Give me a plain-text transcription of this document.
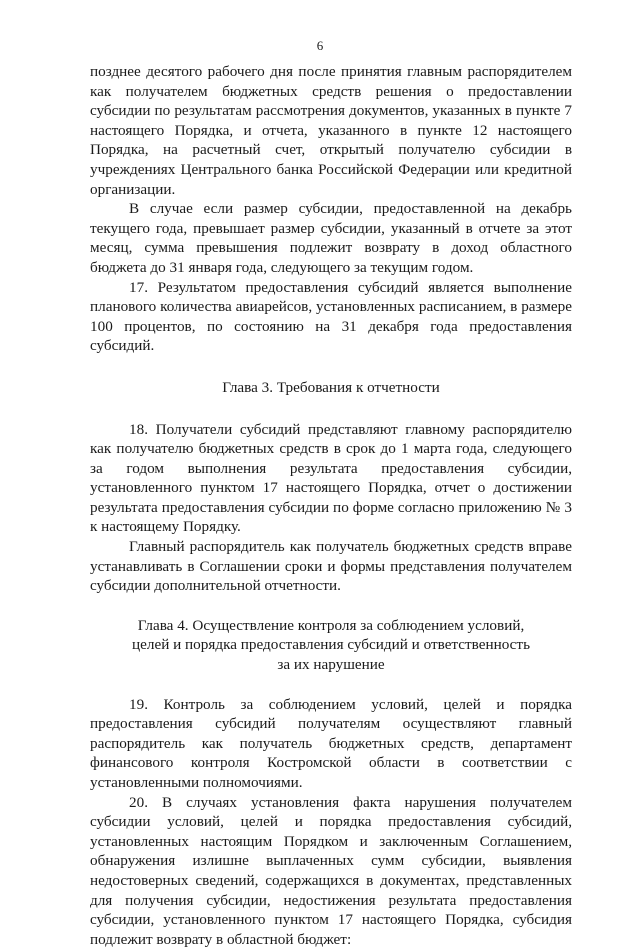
6

позднее десятого рабочего дня после принятия главным распорядителем как получателем бюджетных средств решения о предоставлении субсидии по результатам рассмотрения документов, указанных в пункте 7 настоящего Порядка, и отчета, указанного в пункте 12 настоящего Порядка, на расчетный счет, открытый получателю субсидии в учреждениях Центрального банка Российской Федерации или кредитной организации.

В случае если размер субсидии, предоставленной на декабрь текущего года, превышает размер субсидии, указанный в отчете за этот месяц, сумма превышения подлежит возврату в доход областного бюджета до 31 января года, следующего за текущим годом.

17. Результатом предоставления субсидий является выполнение планового количества авиарейсов, установленных расписанием, в размере 100 процентов, по состоянию на 31 декабря года предоставления субсидий.

Глава 3. Требования к отчетности

18. Получатели субсидий представляют главному распорядителю как получателю бюджетных средств в срок до 1 марта года, следующего за годом выполнения результата предоставления субсидии, установленного пунктом 17 настоящего Порядка, отчет о достижении результата предоставления субсидии по форме согласно приложению № 3 к настоящему Порядку.

Главный распорядитель как получатель бюджетных средств вправе устанавливать в Соглашении сроки и формы представления получателем субсидии дополнительной отчетности.

Глава 4. Осуществление контроля за соблюдением условий,

целей и порядка предоставления субсидий и ответственность

за их нарушение

19. Контроль за соблюдением условий, целей и порядка предоставления субсидий получателям осуществляют главный распорядитель как получатель бюджетных средств, департамент финансового контроля Костромской области в соответствии с установленными полномочиями.

20. В случаях установления факта нарушения получателем субсидии условий, целей и порядка предоставления субсидий, установленных настоящим Порядком и заключенным Соглашением, обнаружения излишне выплаченных сумм субсидии, выявления недостоверных сведений, содержащихся в документах, представленных для получения субсидии, недостижения результата предоставления субсидии, установленного пунктом 17 настоящего Порядка, субсидия подлежит возврату в областной бюджет:
